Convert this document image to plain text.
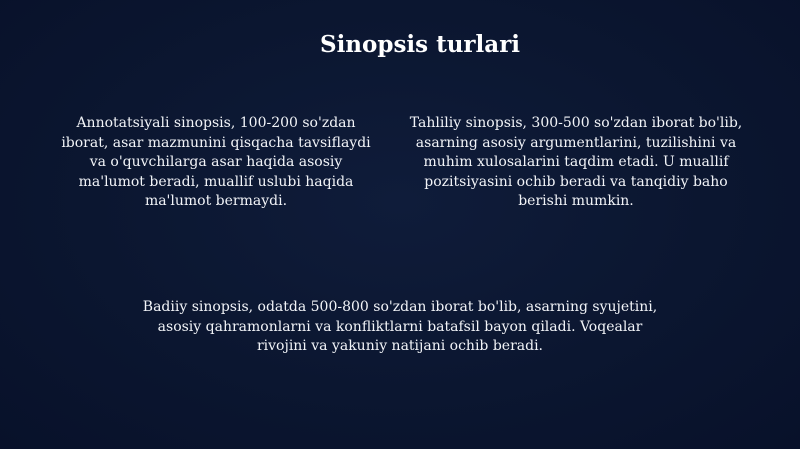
Sinopsis turlari

Annotatsiyali sinopsis, 100-200 so'zdan iborat, asar mazmunini qisqacha tavsiflaydi va o'quvchilarga asar haqida asosiy ma'lumot beradi, muallif uslubi haqida ma'lumot bermaydi.

Tahliliy sinopsis, 300-500 so'zdan iborat bo'lib, asarning asosiy argumentlarini, tuzilishini va muhim xulosalarini taqdim etadi. U muallif pozitsiyasini ochib beradi va tanqidiy baho berishi mumkin.

Badiiy sinopsis, odatda 500-800 so'zdan iborat bo'lib, asarning syujetini, asosiy qahramonlarni va konfliktlarni batafsil bayon qiladi. Voqealar rivojini va yakuniy natijani ochib beradi.
